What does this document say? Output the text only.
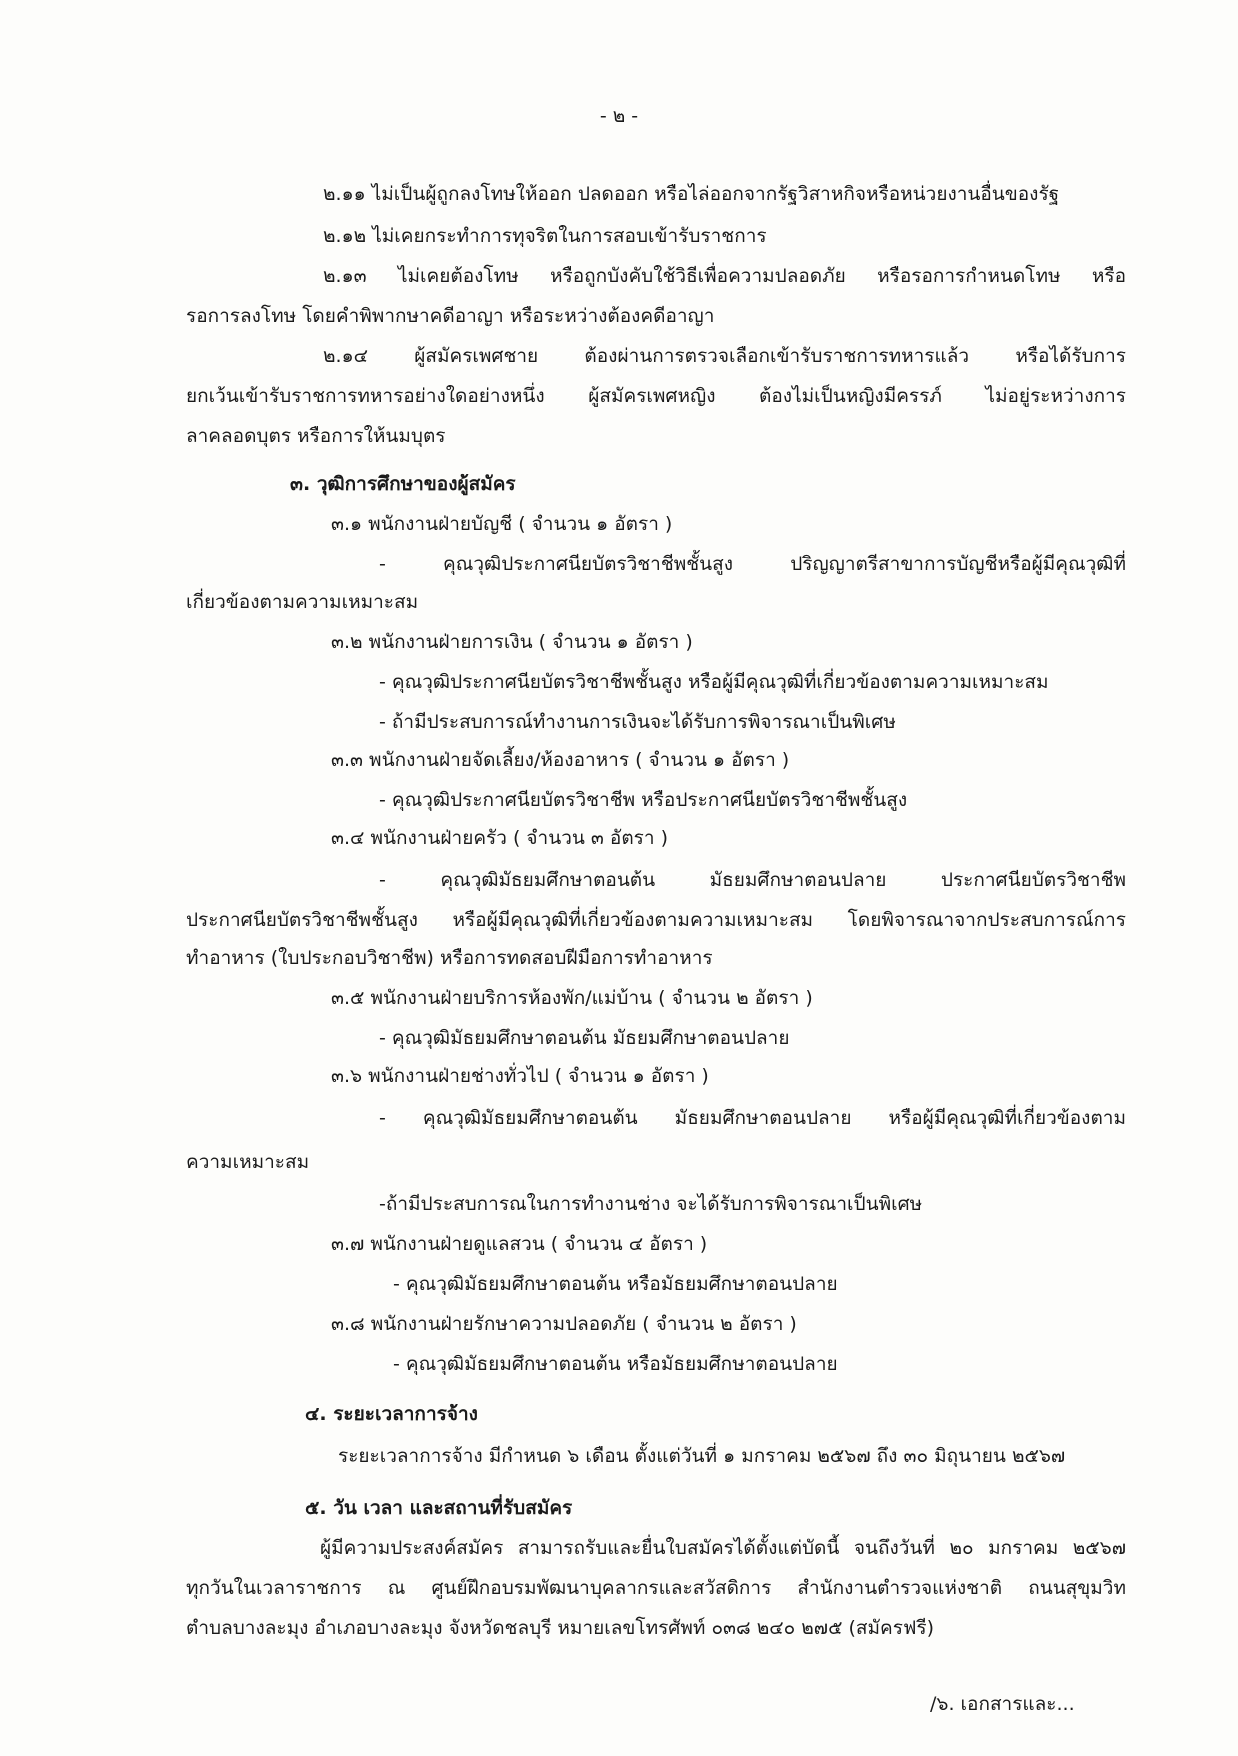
- ๒ -
๒.๑๑ ไม่เป็นผู้ถูกลงโทษให้ออก ปลดออก หรือไล่ออกจากรัฐวิสาหกิจหรือหน่วยงานอื่นของรัฐ
๒.๑๒ ไม่เคยกระทำการทุจริตในการสอบเข้ารับราชการ
๒.๑๓ ไม่เคยต้องโทษ หรือถูกบังคับใช้วิธีเพื่อความปลอดภัย หรือรอการกำหนดโทษ หรือ
รอการลงโทษ โดยคำพิพากษาคดีอาญา หรือระหว่างต้องคดีอาญา
๒.๑๔ ผู้สมัครเพศชาย ต้องผ่านการตรวจเลือกเข้ารับราชการทหารแล้ว หรือได้รับการ
ยกเว้นเข้ารับราชการทหารอย่างใดอย่างหนึ่ง ผู้สมัครเพศหญิง ต้องไม่เป็นหญิงมีครรภ์ ไม่อยู่ระหว่างการ
ลาคลอดบุตร หรือการให้นมบุตร
๓. วุฒิการศึกษาของผู้สมัคร
๓.๑ พนักงานฝ่ายบัญชี ( จำนวน ๑ อัตรา )
- คุณวุฒิประกาศนียบัตรวิชาชีพชั้นสูง ปริญญาตรีสาขาการบัญชีหรือผู้มีคุณวุฒิที่
เกี่ยวข้องตามความเหมาะสม
๓.๒ พนักงานฝ่ายการเงิน ( จำนวน ๑ อัตรา )
- คุณวุฒิประกาศนียบัตรวิชาชีพชั้นสูง หรือผู้มีคุณวุฒิที่เกี่ยวข้องตามความเหมาะสม
- ถ้ามีประสบการณ์ทำงานการเงินจะได้รับการพิจารณาเป็นพิเศษ
๓.๓ พนักงานฝ่ายจัดเลี้ยง/ห้องอาหาร ( จำนวน ๑ อัตรา )
- คุณวุฒิประกาศนียบัตรวิชาชีพ หรือประกาศนียบัตรวิชาชีพชั้นสูง
๓.๔ พนักงานฝ่ายครัว ( จำนวน ๓ อัตรา )
- คุณวุฒิมัธยมศึกษาตอนต้น มัธยมศึกษาตอนปลาย ประกาศนียบัตรวิชาชีพ
ประกาศนียบัตรวิชาชีพชั้นสูง หรือผู้มีคุณวุฒิที่เกี่ยวข้องตามความเหมาะสม โดยพิจารณาจากประสบการณ์การ
ทำอาหาร (ใบประกอบวิชาชีพ) หรือการทดสอบฝีมือการทำอาหาร
๓.๕ พนักงานฝ่ายบริการห้องพัก/แม่บ้าน ( จำนวน ๒ อัตรา )
- คุณวุฒิมัธยมศึกษาตอนต้น มัธยมศึกษาตอนปลาย
๓.๖ พนักงานฝ่ายช่างทั่วไป ( จำนวน ๑ อัตรา )
- คุณวุฒิมัธยมศึกษาตอนต้น มัธยมศึกษาตอนปลาย หรือผู้มีคุณวุฒิที่เกี่ยวข้องตาม
ความเหมาะสม
-ถ้ามีประสบการณในการทำงานช่าง จะได้รับการพิจารณาเป็นพิเศษ
๓.๗ พนักงานฝ่ายดูแลสวน ( จำนวน ๔ อัตรา )
- คุณวุฒิมัธยมศึกษาตอนต้น หรือมัธยมศึกษาตอนปลาย
๓.๘ พนักงานฝ่ายรักษาความปลอดภัย ( จำนวน ๒ อัตรา )
- คุณวุฒิมัธยมศึกษาตอนต้น หรือมัธยมศึกษาตอนปลาย
๔. ระยะเวลาการจ้าง
ระยะเวลาการจ้าง มีกำหนด ๖ เดือน ตั้งแต่วันที่ ๑ มกราคม ๒๕๖๗ ถึง ๓๐ มิถุนายน ๒๕๖๗
๕. วัน เวลา และสถานที่รับสมัคร
ผู้มีความประสงค์สมัคร สามารถรับและยื่นใบสมัครได้ตั้งแต่บัดนี้ จนถึงวันที่ ๒๐ มกราคม ๒๕๖๗
ทุกวันในเวลาราชการ ณ ศูนย์ฝึกอบรมพัฒนาบุคลากรและสวัสดิการ สำนักงานตำรวจแห่งชาติ ถนนสุขุมวิท
ตำบลบางละมุง อำเภอบางละมุง จังหวัดชลบุรี หมายเลขโทรศัพท์ ๐๓๘ ๒๔๐ ๒๗๕ (สมัครฟรี)
/๖. เอกสารและ...
